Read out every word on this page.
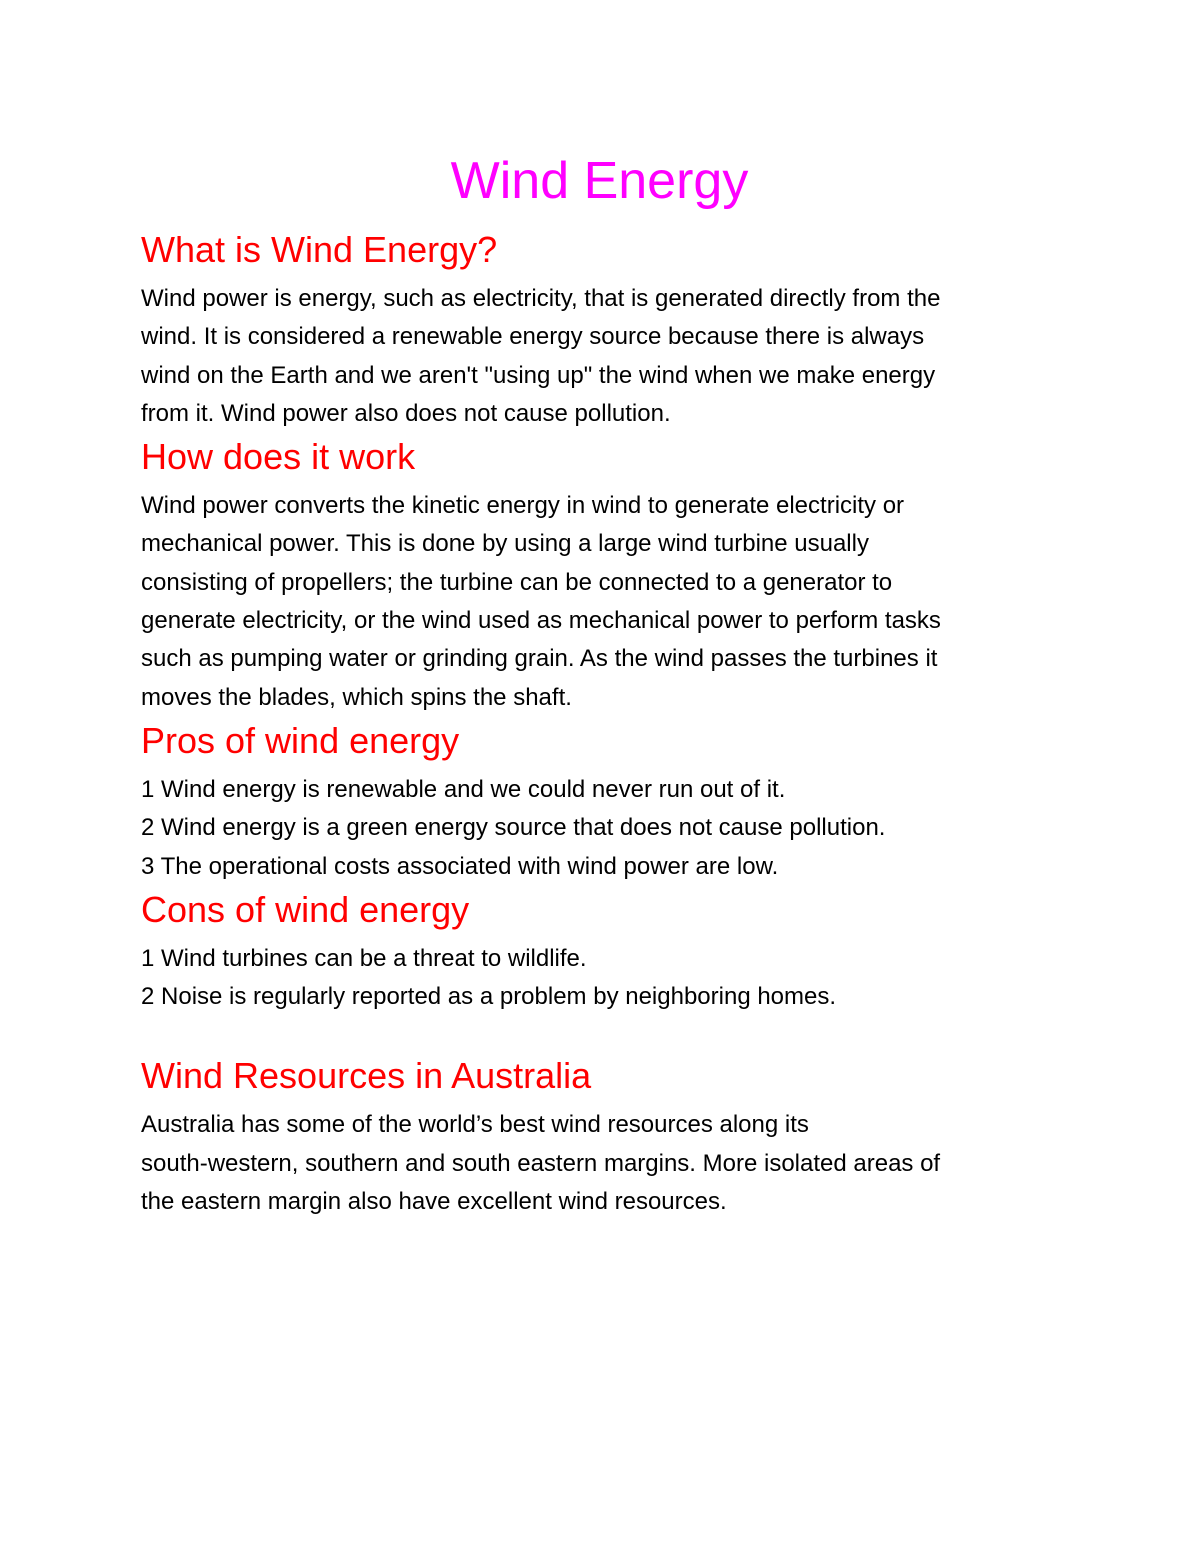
Wind Energy
What is Wind Energy?

Wind power is energy, such as electricity, that is generated directly from the
wind. It is considered a renewable energy source because there is always
wind on the Earth and we aren't "using up" the wind when we make energy
from it. Wind power also does not cause pollution.

How does it work

Wind power converts the kinetic energy in wind to generate electricity or
mechanical power. This is done by using a large wind turbine usually
consisting of propellers; the turbine can be connected to a generator to
generate electricity, or the wind used as mechanical power to perform tasks
such as pumping water or grinding grain. As the wind passes the turbines it
moves the blades, which spins the shaft.

Pros of wind energy
1 Wind energy is renewable and we could never run out of it.
2 Wind energy is a green energy source that does not cause pollution.
3 The operational costs associated with wind power are low.
Cons of wind energy
1 Wind turbines can be a threat to wildlife.
2 Noise is regularly reported as a problem by neighboring homes.
Wind Resources in Australia

Australia has some of the world’s best wind resources along its
south-western, southern and south eastern margins. More isolated areas of
the eastern margin also have excellent wind resources.
